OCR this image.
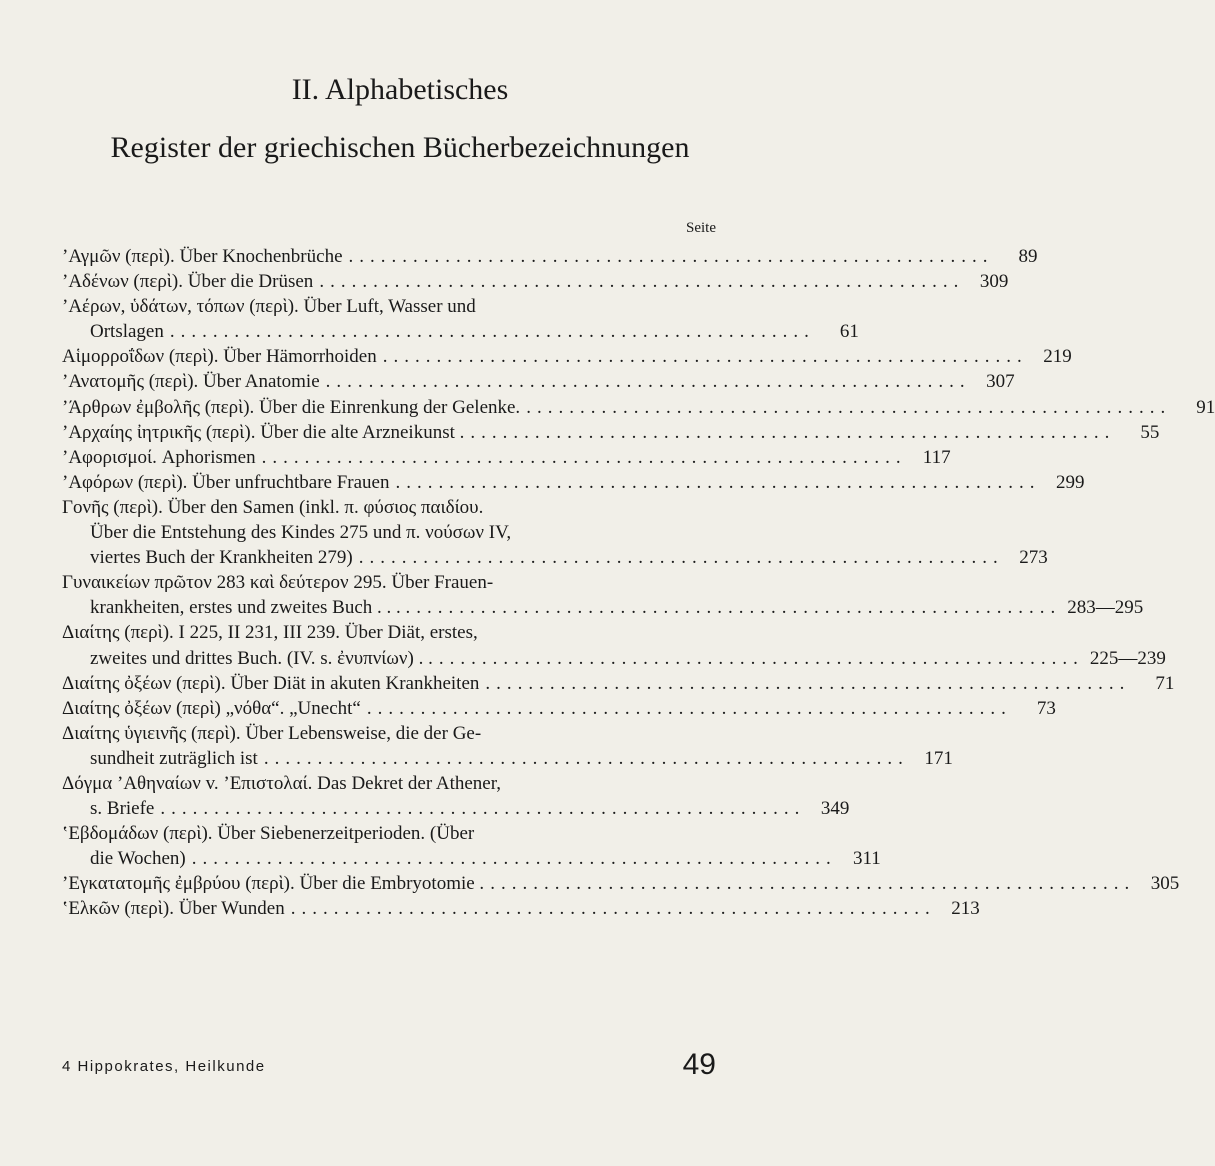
II. Alphabetisches
Register der griechischen Bücherbezeichnungen
Seite
ʼΑγμῶν (περὶ). Über Knochenbrüche ............................................................	89
ʼΑδένων (περὶ). Über die Drüsen ............................................................ 309
ʼΑέρων, ὑδάτων, τόπων (περὶ). Über Luft, Wasser und
Ortslagen ............................................................	61
Αἱμορροΐδων (περὶ). Über Hämorrhoiden ............................................................ 219
ʼΑνατομῆς (περὶ). Über Anatomie ............................................................ 307
ʼΆρθρων ἐμβολῆς (περὶ). Über die Einrenkung der Gelenke. ............................................................	91
ʼΑρχαίης ἰητρικῆς (περὶ). Über die alte Arzneikunst . ............................................................	55
ʼΑφορισμοί. Aphorismen ............................................................ 117
ʼΑφόρων (περὶ). Über unfruchtbare Frauen ............................................................ 299
Γονῆς (περὶ). Über den Samen (inkl. π. φύσιος παιδίου.
Über die Entstehung des Kindes 275 und π. νούσων IV,
viertes Buch der Krankheiten 279) ............................................................ 273
Γυναικείων πρῶτον 283 καὶ δεύτερον 295. Über Frauen-
krankheiten, erstes und zweites Buch . . . . ............................................................ 283—295
Διαίτης (περὶ). I 225, II 231, III 239. Über Diät, erstes,
zweites und drittes Buch. (IV. s. ἐνυπνίων) . . ............................................................ 225—239
Διαίτης ὀξέων (περὶ). Über Diät in akuten Krankheiten ............................................................	71
Διαίτης ὀξέων (περὶ) „νόθα“. „Unecht“ ............................................................	73
Διαίτης ὑγιεινῆς (περὶ). Über Lebensweise, die der Ge-
sundheit zuträglich ist ............................................................ 171
Δόγμα ʼΑθηναίων v. ʼΕπιστολαί. Das Dekret der Athener,
s. Briefe ............................................................ 349
ʽΕβδομάδων (περὶ). Über Siebenerzeitperioden. (Über
die Wochen) ............................................................ 311
ʼΕγκατατομῆς ἐμβρύου (περὶ). Über die Embryotomie . ............................................................ 305
ʽΕλκῶν (περὶ). Über Wunden ............................................................ 213
4 Hippokrates, Heilkunde	49
